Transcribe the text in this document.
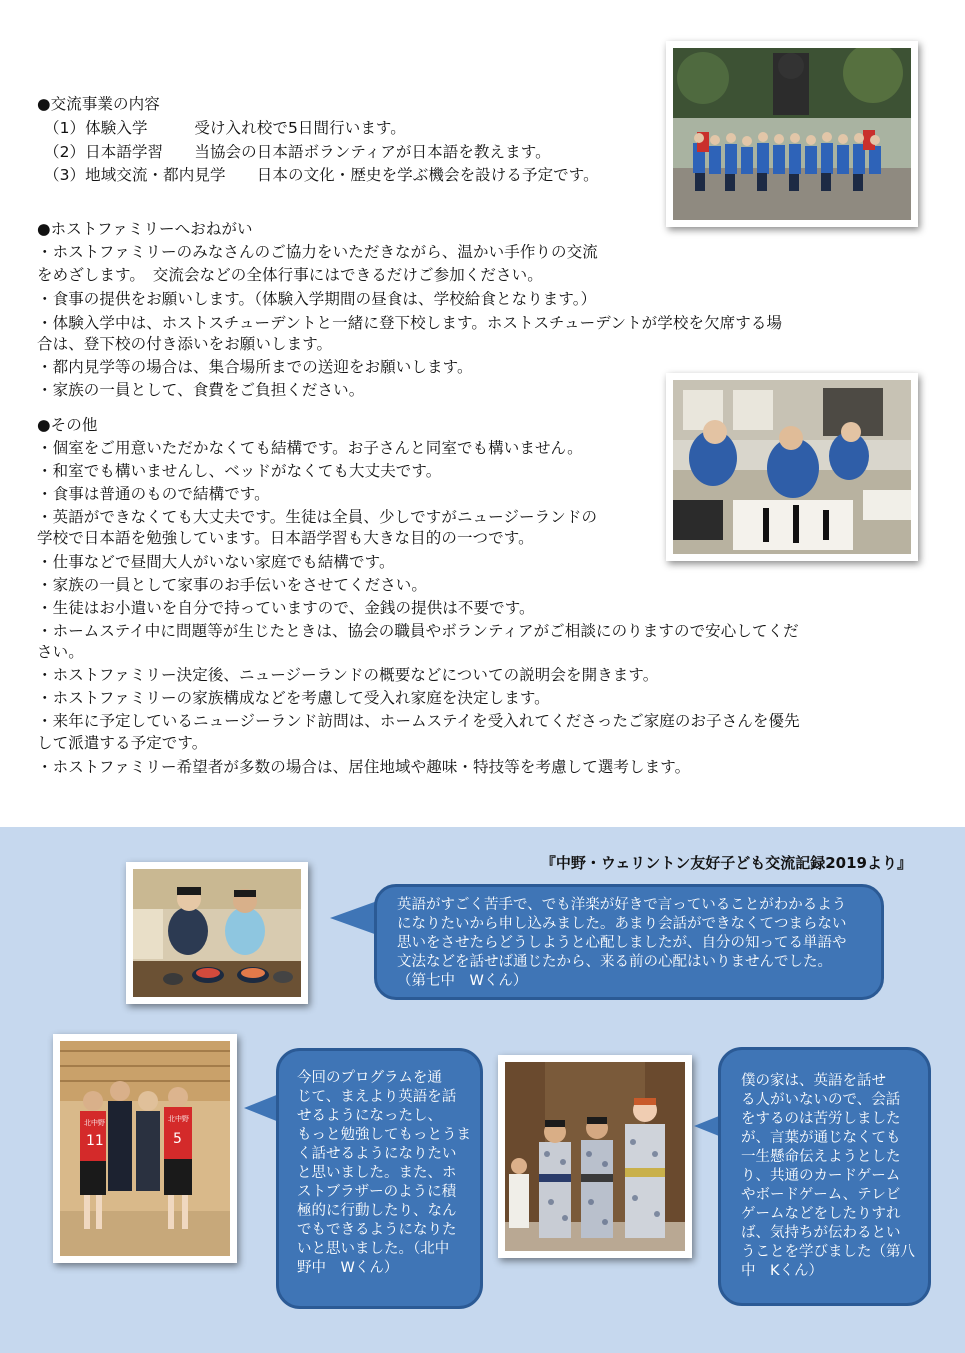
●交流事業の内容
（1）体験入学　　　受け入れ校で5日間行います。
（2）日本語学習　　当協会の日本語ボランティアが日本語を教えます。
（3）地域交流・都内見学　　日本の文化・歴史を学ぶ機会を設ける予定です。
●ホストファミリーへおねがい
・ホストファミリーのみなさんのご協力をいただきながら、温かい手作りの交流
をめざします。　交流会などの全体行事にはできるだけご参加ください。
・食事の提供をお願いします。（体験入学期間の昼食は、学校給食となります。）
・体験入学中は、ホストスチューデントと一緒に登下校します。ホストスチューデントが学校を欠席する場
合は、登下校の付き添いをお願いします。
・都内見学等の場合は、集合場所までの送迎をお願いします。
・家族の一員として、食費をご負担ください。
●その他
・個室をご用意いただかなくても結構です。お子さんと同室でも構いません。
・和室でも構いませんし、ベッドがなくても大丈夫です。
・食事は普通のもので結構です。
・英語ができなくても大丈夫です。生徒は全員、少しですがニュージーランドの
学校で日本語を勉強しています。日本語学習も大きな目的の一つです。
・仕事などで昼間大人がいない家庭でも結構です。
・家族の一員として家事のお手伝いをさせてください。
・生徒はお小遣いを自分で持っていますので、金銭の提供は不要です。
・ホームステイ中に問題等が生じたときは、協会の職員やボランティアがご相談にのりますので安心してくだ
さい。
・ホストファミリー決定後、ニュージーランドの概要などについての説明会を開きます。
・ホストファミリーの家族構成などを考慮して受入れ家庭を決定します。
・来年に予定しているニュージーランド訪問は、ホームステイを受入れてくださったご家庭のお子さんを優先
して派遣する予定です。
・ホストファミリー希望者が多数の場合は、居住地域や趣味・特技等を考慮して選考します。
『中野・ウェリントン友好子ども交流記録2019より』
英語がすごく苦手で、でも洋楽が好きで言っていることがわかるよう
になりたいから申し込みました。あまり会話ができなくてつまらない
思いをさせたらどうしようと心配しましたが、自分の知ってる単語や
文法などを話せば通じたから、来る前の心配はいりませんでした。
（第七中　Wくん）
北中野
11
北中野
5
今回のプログラムを通
じて、まえより英語を話
せるようになったし、
もっと勉強してもっとうま
く話せるようになりたい
と思いました。また、ホ
ストブラザーのように積
極的に行動したり、なん
でもできるようになりた
いと思いました。（北中
野中　Wくん）
僕の家は、英語を話せ
る人がいないので、会話
をするのは苦労しました
が、言葉が通じなくても
一生懸命伝えようとした
り、共通のカードゲーム
やボードゲーム、テレビ
ゲームなどをしたりすれ
ば、気持ちが伝わるとい
うことを学びました（第八
中　Kくん）
